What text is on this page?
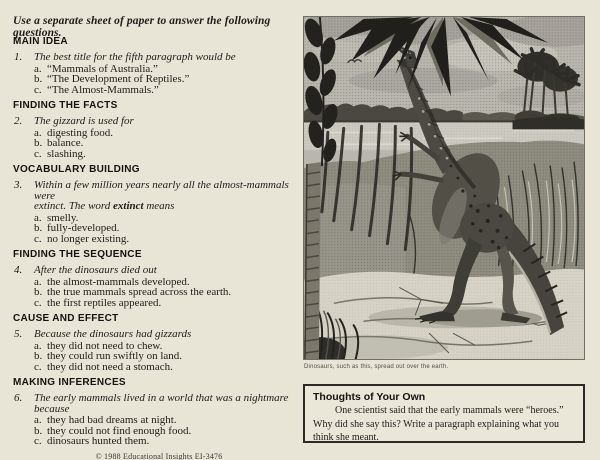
Use a separate sheet of paper to answer the following questions.
MAIN IDEA
1. The best title for the fifth paragraph would be
a. “Mammals of Australia.”
b. “The Development of Reptiles.”
c. “The Almost-Mammals.”
FINDING THE FACTS
2. The gizzard is used for
a. digesting food.
b. balance.
c. slashing.
VOCABULARY BUILDING
3. Within a few million years nearly all the almost-mammals were
extinct. The word extinct means
a. smelly.
b. fully-developed.
c. no longer existing.
FINDING THE SEQUENCE
4. After the dinosaurs died out
a. the almost-mammals developed.
b. the true mammals spread across the earth.
c. the first reptiles appeared.
CAUSE AND EFFECT
5. Because the dinosaurs had gizzards
a. they did not need to chew.
b. they could run swiftly on land.
c. they did not need a stomach.
MAKING INFERENCES
6. The early mammals lived in a world that was a nightmare
because
a. they had bad dreams at night.
b. they could not find enough food.
c. dinosaurs hunted them.
© 1988 Educational Insights EI-3476
Dinosaurs, such as this, spread out over the earth.
Thoughts of Your Own

One scientist said that the early mammals were “heroes.” Why did she say this? Write a paragraph explaining what you think she meant.
